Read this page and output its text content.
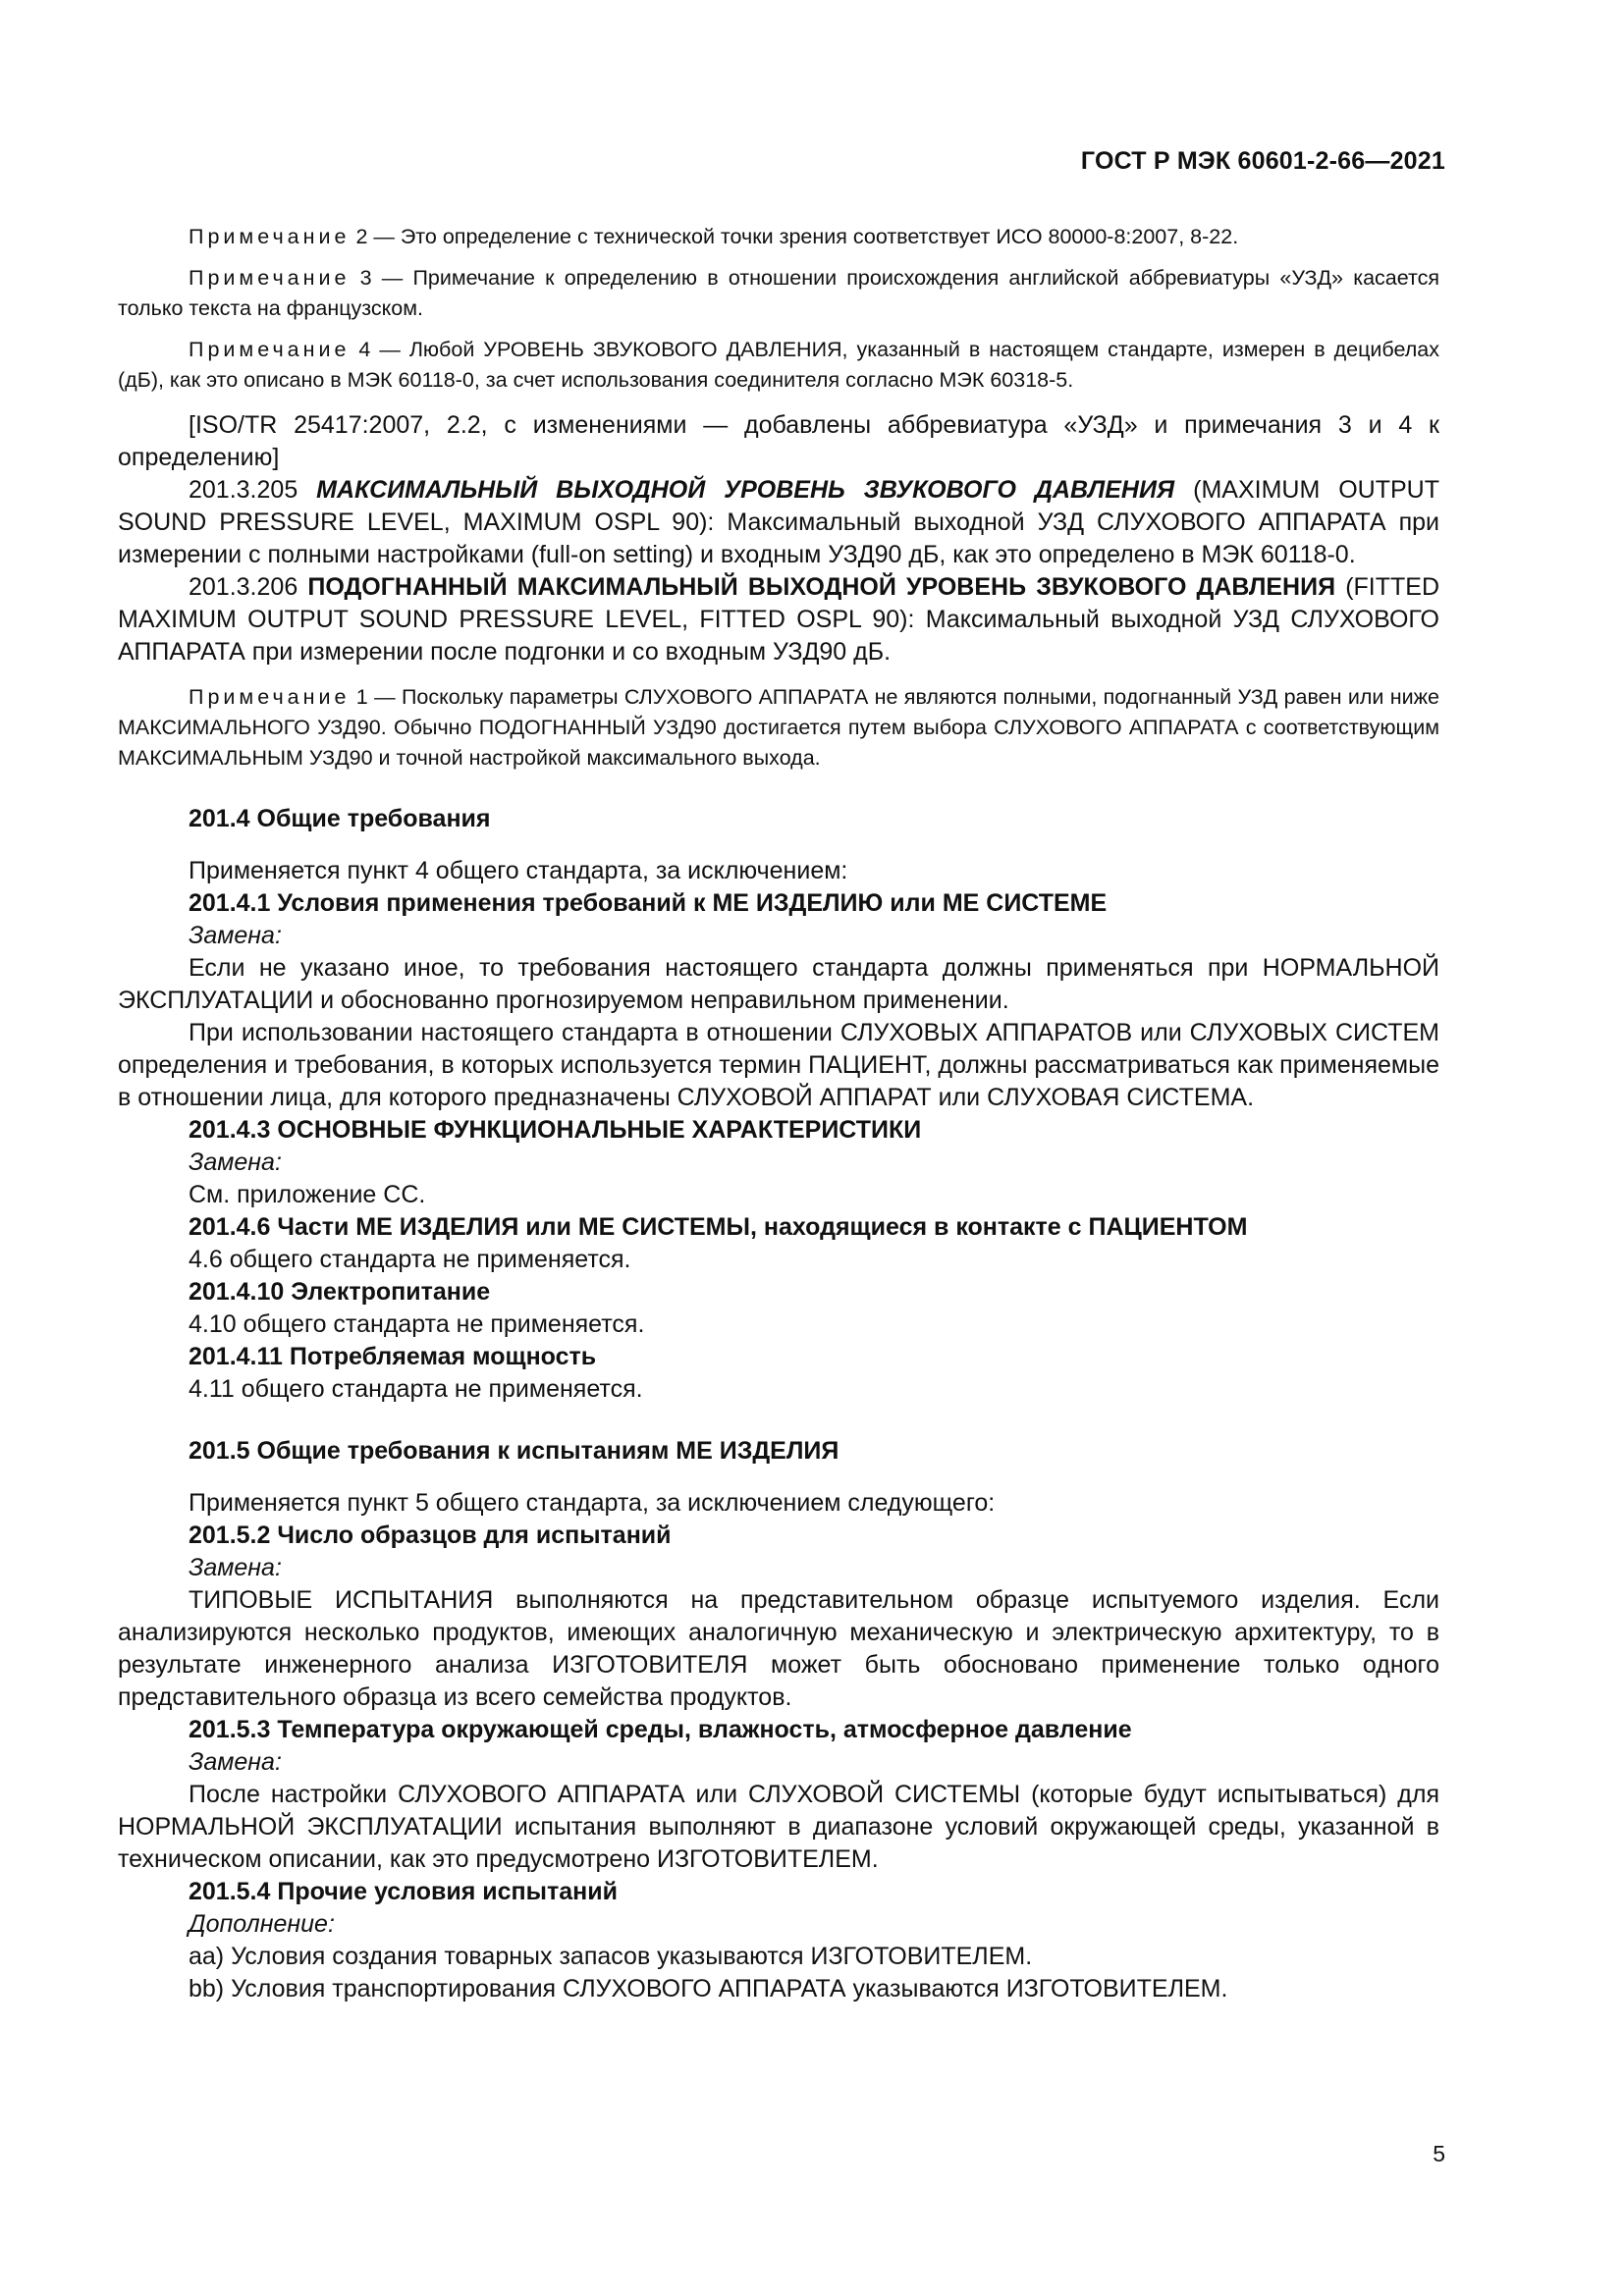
ГОСТ Р МЭК 60601-2-66—2021

Примечание 2 — Это определение с технической точки зрения соответствует ИСО 80000-8:2007, 8-22.

Примечание 3 — Примечание к определению в отношении происхождения английской аббревиатуры «УЗД» касается только текста на французском.

Примечание 4 — Любой УРОВЕНЬ ЗВУКОВОГО ДАВЛЕНИЯ, указанный в настоящем стандарте, измерен в децибелах (дБ), как это описано в МЭК 60118-0, за счет использования соединителя согласно МЭК 60318-5.

[ISO/TR 25417:2007, 2.2, с изменениями — добавлены аббревиатура «УЗД» и примечания 3 и 4 к определению]

201.3.205 МАКСИМАЛЬНЫЙ ВЫХОДНОЙ УРОВЕНЬ ЗВУКОВОГО ДАВЛЕНИЯ (MAXIMUM OUTPUT SOUND PRESSURE LEVEL, MAXIMUM OSPL 90): Максимальный выходной УЗД СЛУХОВОГО АППАРАТА при измерении с полными настройками (full-on setting) и входным УЗД90 дБ, как это определено в МЭК 60118-0.

201.3.206 ПОДОГНАННЫЙ МАКСИМАЛЬНЫЙ ВЫХОДНОЙ УРОВЕНЬ ЗВУКОВОГО ДАВЛЕНИЯ (FITTED MAXIMUM OUTPUT SOUND PRESSURE LEVEL, FITTED OSPL 90): Максимальный выходной УЗД СЛУХОВОГО АППАРАТА при измерении после подгонки и со входным УЗД90 дБ.

Примечание 1 — Поскольку параметры СЛУХОВОГО АППАРАТА не являются полными, подогнанный УЗД равен или ниже МАКСИМАЛЬНОГО УЗД90. Обычно ПОДОГНАННЫЙ УЗД90 достигается путем выбора СЛУХОВОГО АППАРАТА с соответствующим МАКСИМАЛЬНЫМ УЗД90 и точной настройкой максимального выхода.

201.4 Общие требования

Применяется пункт 4 общего стандарта, за исключением:

201.4.1 Условия применения требований к МЕ ИЗДЕЛИЮ или МЕ СИСТЕМЕ

Замена:

Если не указано иное, то требования настоящего стандарта должны применяться при НОРМАЛЬНОЙ ЭКСПЛУАТАЦИИ и обоснованно прогнозируемом неправильном применении.

При использовании настоящего стандарта в отношении СЛУХОВЫХ АППАРАТОВ или СЛУХОВЫХ СИСТЕМ определения и требования, в которых используется термин ПАЦИЕНТ, должны рассматриваться как применяемые в отношении лица, для которого предназначены СЛУХОВОЙ АППАРАТ или СЛУХОВАЯ СИСТЕМА.

201.4.3 ОСНОВНЫЕ ФУНКЦИОНАЛЬНЫЕ ХАРАКТЕРИСТИКИ

Замена:

См. приложение СС.

201.4.6 Части МЕ ИЗДЕЛИЯ или МЕ СИСТЕМЫ, находящиеся в контакте с ПАЦИЕНТОМ

4.6 общего стандарта не применяется.

201.4.10 Электропитание

4.10 общего стандарта не применяется.

201.4.11 Потребляемая мощность

4.11 общего стандарта не применяется.

201.5 Общие требования к испытаниям МЕ ИЗДЕЛИЯ

Применяется пункт 5 общего стандарта, за исключением следующего:

201.5.2 Число образцов для испытаний

Замена:

ТИПОВЫЕ ИСПЫТАНИЯ выполняются на представительном образце испытуемого изделия. Если анализируются несколько продуктов, имеющих аналогичную механическую и электрическую архитектуру, то в результате инженерного анализа ИЗГОТОВИТЕЛЯ может быть обосновано применение только одного представительного образца из всего семейства продуктов.

201.5.3 Температура окружающей среды, влажность, атмосферное давление

Замена:

После настройки СЛУХОВОГО АППАРАТА или СЛУХОВОЙ СИСТЕМЫ (которые будут испытываться) для НОРМАЛЬНОЙ ЭКСПЛУАТАЦИИ испытания выполняют в диапазоне условий окружающей среды, указанной в техническом описании, как это предусмотрено ИЗГОТОВИТЕЛЕМ.

201.5.4 Прочие условия испытаний

Дополнение:

aa) Условия создания товарных запасов указываются ИЗГОТОВИТЕЛЕМ.

bb) Условия транспортирования СЛУХОВОГО АППАРАТА указываются ИЗГОТОВИТЕЛЕМ.

5
